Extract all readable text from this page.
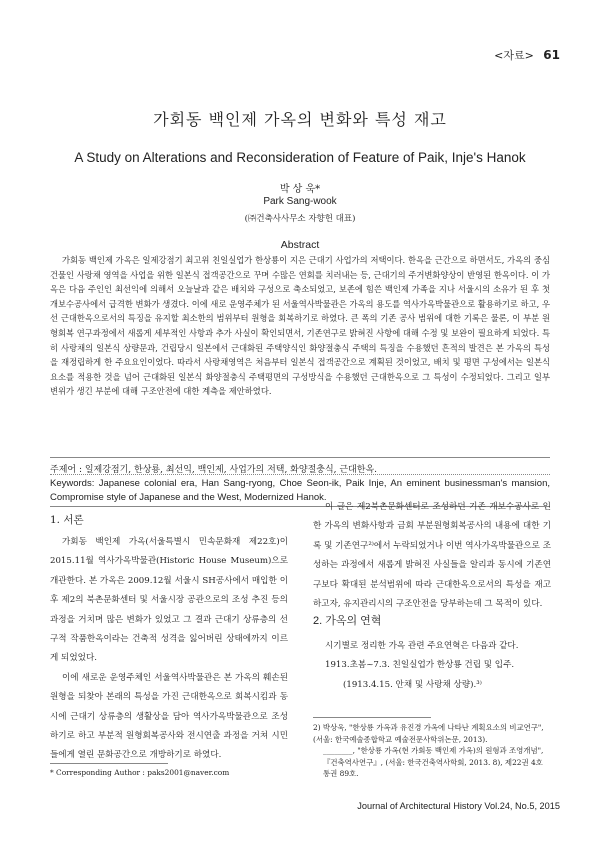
<자료> 61
가회동 백인제 가옥의 변화와 특성 재고
A Study on Alterations and Reconsideration of Feature of Paik, Inje's Hanok
박 상 욱*
Park Sang-wook
(㈜건축사사무소 자향헌 대표)
Abstract

가회동 백인제 가옥은 일제강점기 최고위 친일실업가 한상룡이 지은 근대기 사업가의 저택이다. 한옥을 근간으로 하면서도, 가옥의 중심건물인 사랑채 영역을 사업을 위한 일본식 접객공간으로 꾸며 수많은 연회를 치러내는 등, 근대기의 주거변화양상이 반영된 한옥이다. 이 가옥은 다음 주인인 최선익에 의해서 오늘날과 같은 배치와 구성으로 축소되었고, 보존에 힘쓴 백인제 가족을 지나 서울시의 소유가 된 후 첫 개보수공사에서 급격한 변화가 생겼다. 이에 새로 운영주체가 된 서울역사박물관은 가옥의 용도를 역사가옥박물관으로 활용하기로 하고, 우선 근대한옥으로서의 특징을 유지할 최소한의 범위부터 원형을 회복하기로 하였다. 큰 폭의 기존 공사 범위에 대한 기록은 물론, 이 부분 원형회복 연구과정에서 새롭게 세부적인 사항과 추가 사실이 확인되면서, 기존연구로 밝혀진 사항에 대해 수정 및 보완이 필요하게 되었다. 특히 사랑채의 일본식 상량문과, 건립당시 일본에서 근대화된 주택양식인 화양절충식 주택의 특징을 수용했던 흔적의 발견은 본 가옥의 특성을 재정립하게 한 주요요인이었다. 따라서 사랑채영역은 처음부터 일본식 접객공간으로 계획된 것이었고, 배치 및 평면 구성에서는 일본식 요소를 적용한 것을 넘어 근대화된 일본식 화양절충식 주택평면의 구성방식을 수용했던 근대한옥으로 그 특성이 수정되었다. 그리고 일부 변위가 생긴 부분에 대해 구조안전에 대한 계측을 제안하였다.

주제어 : 일제강점기, 한상룡, 최선익, 백인제, 사업가의 저택, 화양절충식, 근대한옥.

Keywords: Japanese colonial era, Han Sang-ryong, Choe Seon-ik, Paik Inje, An eminent businessman's mansion, Compromise style of Japanese and the West, Modernized Hanok.

1. 서론

가회동 백인제 가옥(서울특별시 민속문화재 제22호)이 2015.11월 역사가옥박물관(Historic House Museum)으로 개관한다. 본 가옥은 2009.12월 서울시 SH공사에서 매입한 이후 제2의 북촌문화센터 및 서울시장 공관으로의 조성 추진 등의 과정을 거치며 많은 변화가 있었고 그 결과 근대기 상류층의 선구적 작품한옥이라는 건축적 성격을 잃어버린 상태에까지 이르게 되었었다.

이에 새로운 운영주체인 서울역사박물관은 본 가옥의 훼손된 원형을 되찾아 본래의 특성을 가진 근대한옥으로 회복시킴과 동시에 근대기 상류층의 생활상을 담아 역사가옥박물관으로 조성하기로 하고 부분적 원형회복공사와 전시연출 과정을 거쳐 시민들에게 열린 문화공간으로 개방하기로 하였다.

이 글은 제2북촌문화센터로 조성하던 기존 개보수공사로 인한 가옥의 변화사항과 금회 부분원형회복공사의 내용에 대한 기록 및 기존연구²⁾에서 누락되었거나 이번 역사가옥박물관으로 조성하는 과정에서 새롭게 밝혀진 사실들을 알리과 동시에 기존연구보다 확대된 분석범위에 따라 근대한옥으로서의 특성을 재고하고자, 유지관리시의 구조안전을 당부하는데 그 목적이 있다.

2. 가옥의 연혁
시기별로 정리한 가옥 관련 주요연혁은 다음과 같다.
1913.초봄~7.3. 친일실업가 한상룡 건립 및 입주.
(1913.4.15. 안채 및 사랑채 상량).³⁾
* Corresponding Author : paks2001@naver.com
2) 박상욱, "한상룡 가옥과 유진경 가옥에 나타난 계획요소의 비교연구", (서울: 한국예술종합학교 예술전문사학위논문, 2013).
________, "한상룡 가옥(현 가회동 백인제 가옥)의 원형과 조영개념", 『건축역사연구』, (서울: 한국건축역사학회, 2013. 8), 제22권 4호 통권 89호.
Journal of Architectural History Vol.24, No.5, 2015
